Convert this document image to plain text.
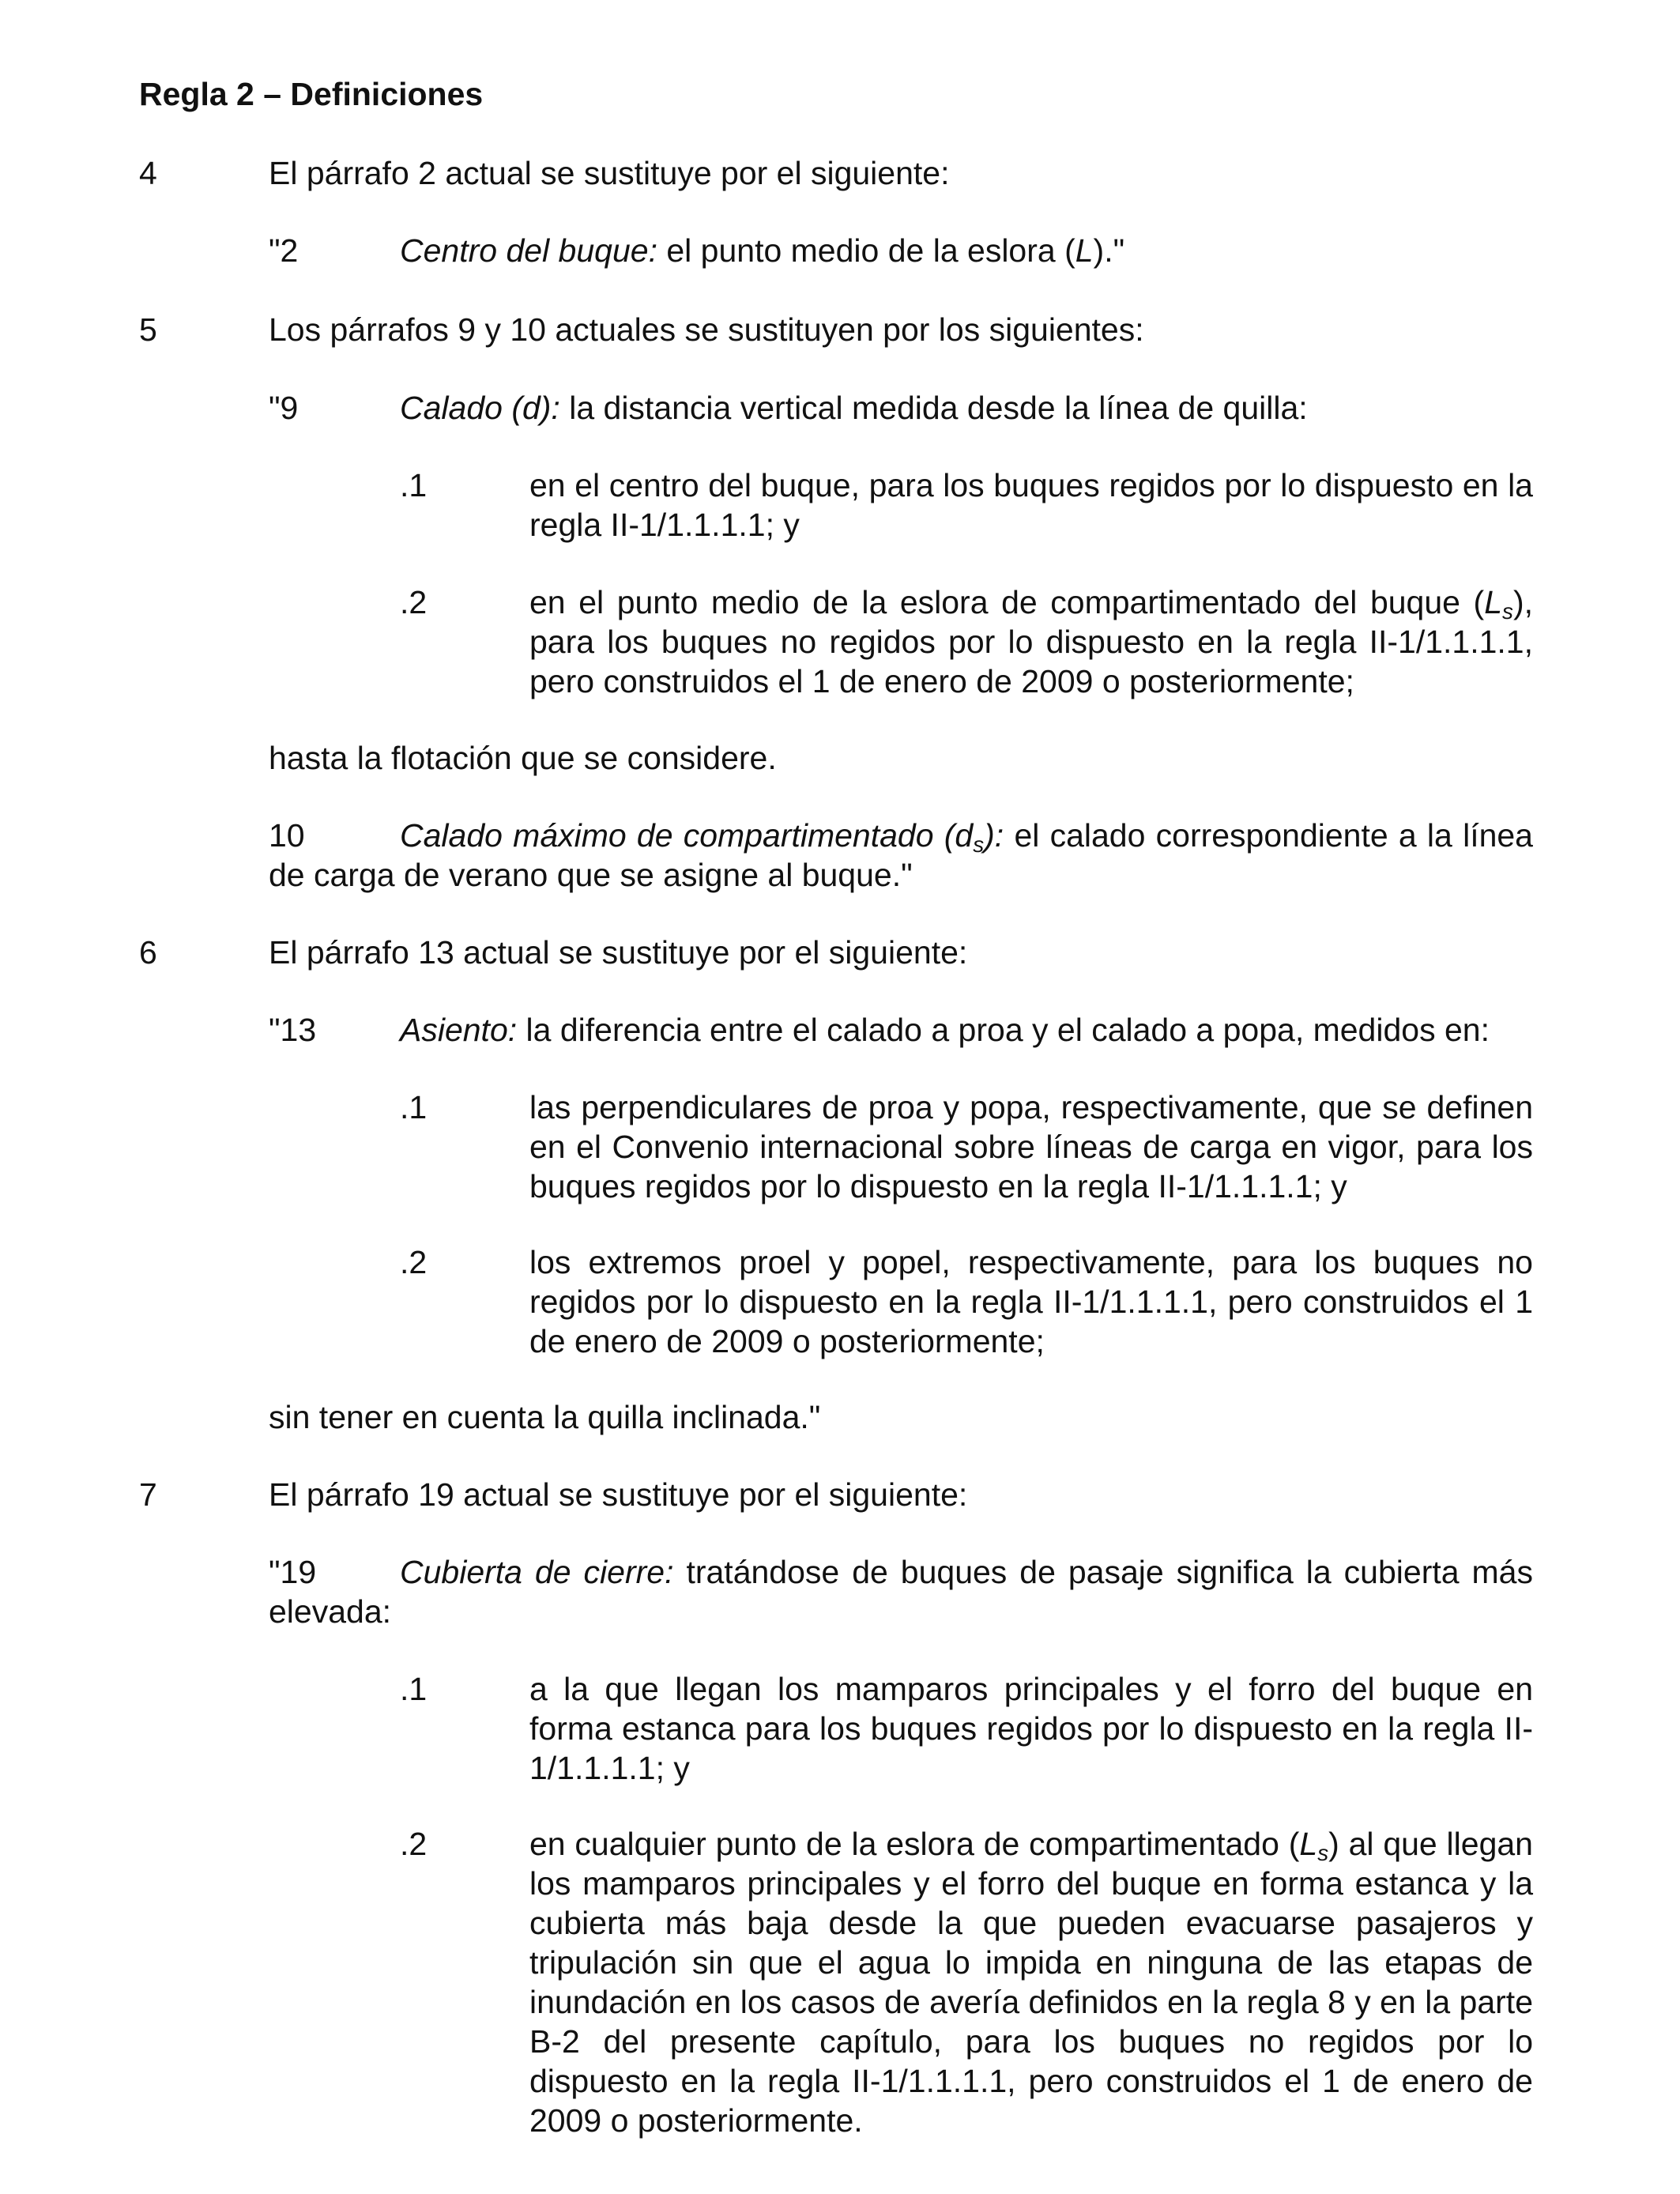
Regla 2 – Definiciones
4	El párrafo 2 actual se sustituye por el siguiente:
"2	Centro del buque: el punto medio de la eslora (L)."
5	Los párrafos 9 y 10 actuales se sustituyen por los siguientes:
"9	Calado (d): la distancia vertical medida desde la línea de quilla:
.1	en el centro del buque, para los buques regidos por lo dispuesto en la regla II-1/1.1.1.1; y
.2	en el punto medio de la eslora de compartimentado del buque $(L_s)$, para los buques no regidos por lo dispuesto en la regla II-1/1.1.1.1, pero construidos el 1 de enero de 2009 o posteriormente;
hasta la flotación que se considere.
10	Calado máximo de compartimentado $(d_s)$: el calado correspondiente a la línea de carga de verano que se asigne al buque."
6	El párrafo 13 actual se sustituye por el siguiente:
"13	Asiento: la diferencia entre el calado a proa y el calado a popa, medidos en:
.1	las perpendiculares de proa y popa, respectivamente, que se definen en el Convenio internacional sobre líneas de carga en vigor, para los buques regidos por lo dispuesto en la regla II-1/1.1.1.1; y
.2	los extremos proel y popel, respectivamente, para los buques no regidos por lo dispuesto en la regla II-1/1.1.1.1, pero construidos el 1 de enero de 2009 o posteriormente;
sin tener en cuenta la quilla inclinada."
7	El párrafo 19 actual se sustituye por el siguiente:
"19	Cubierta de cierre: tratándose de buques de pasaje significa la cubierta más elevada:
.1	a la que llegan los mamparos principales y el forro del buque en forma estanca para los buques regidos por lo dispuesto en la regla II-1/1.1.1.1; y
.2	en cualquier punto de la eslora de compartimentado $(L_s)$ al que llegan los mamparos principales y el forro del buque en forma estanca y la cubierta más baja desde la que pueden evacuarse pasajeros y tripulación sin que el agua lo impida en ninguna de las etapas de inundación en los casos de avería definidos en la regla 8 y en la parte B-2 del presente capítulo, para los buques no regidos por lo dispuesto en la regla II-1/1.1.1.1, pero construidos el 1 de enero de 2009 o posteriormente.
